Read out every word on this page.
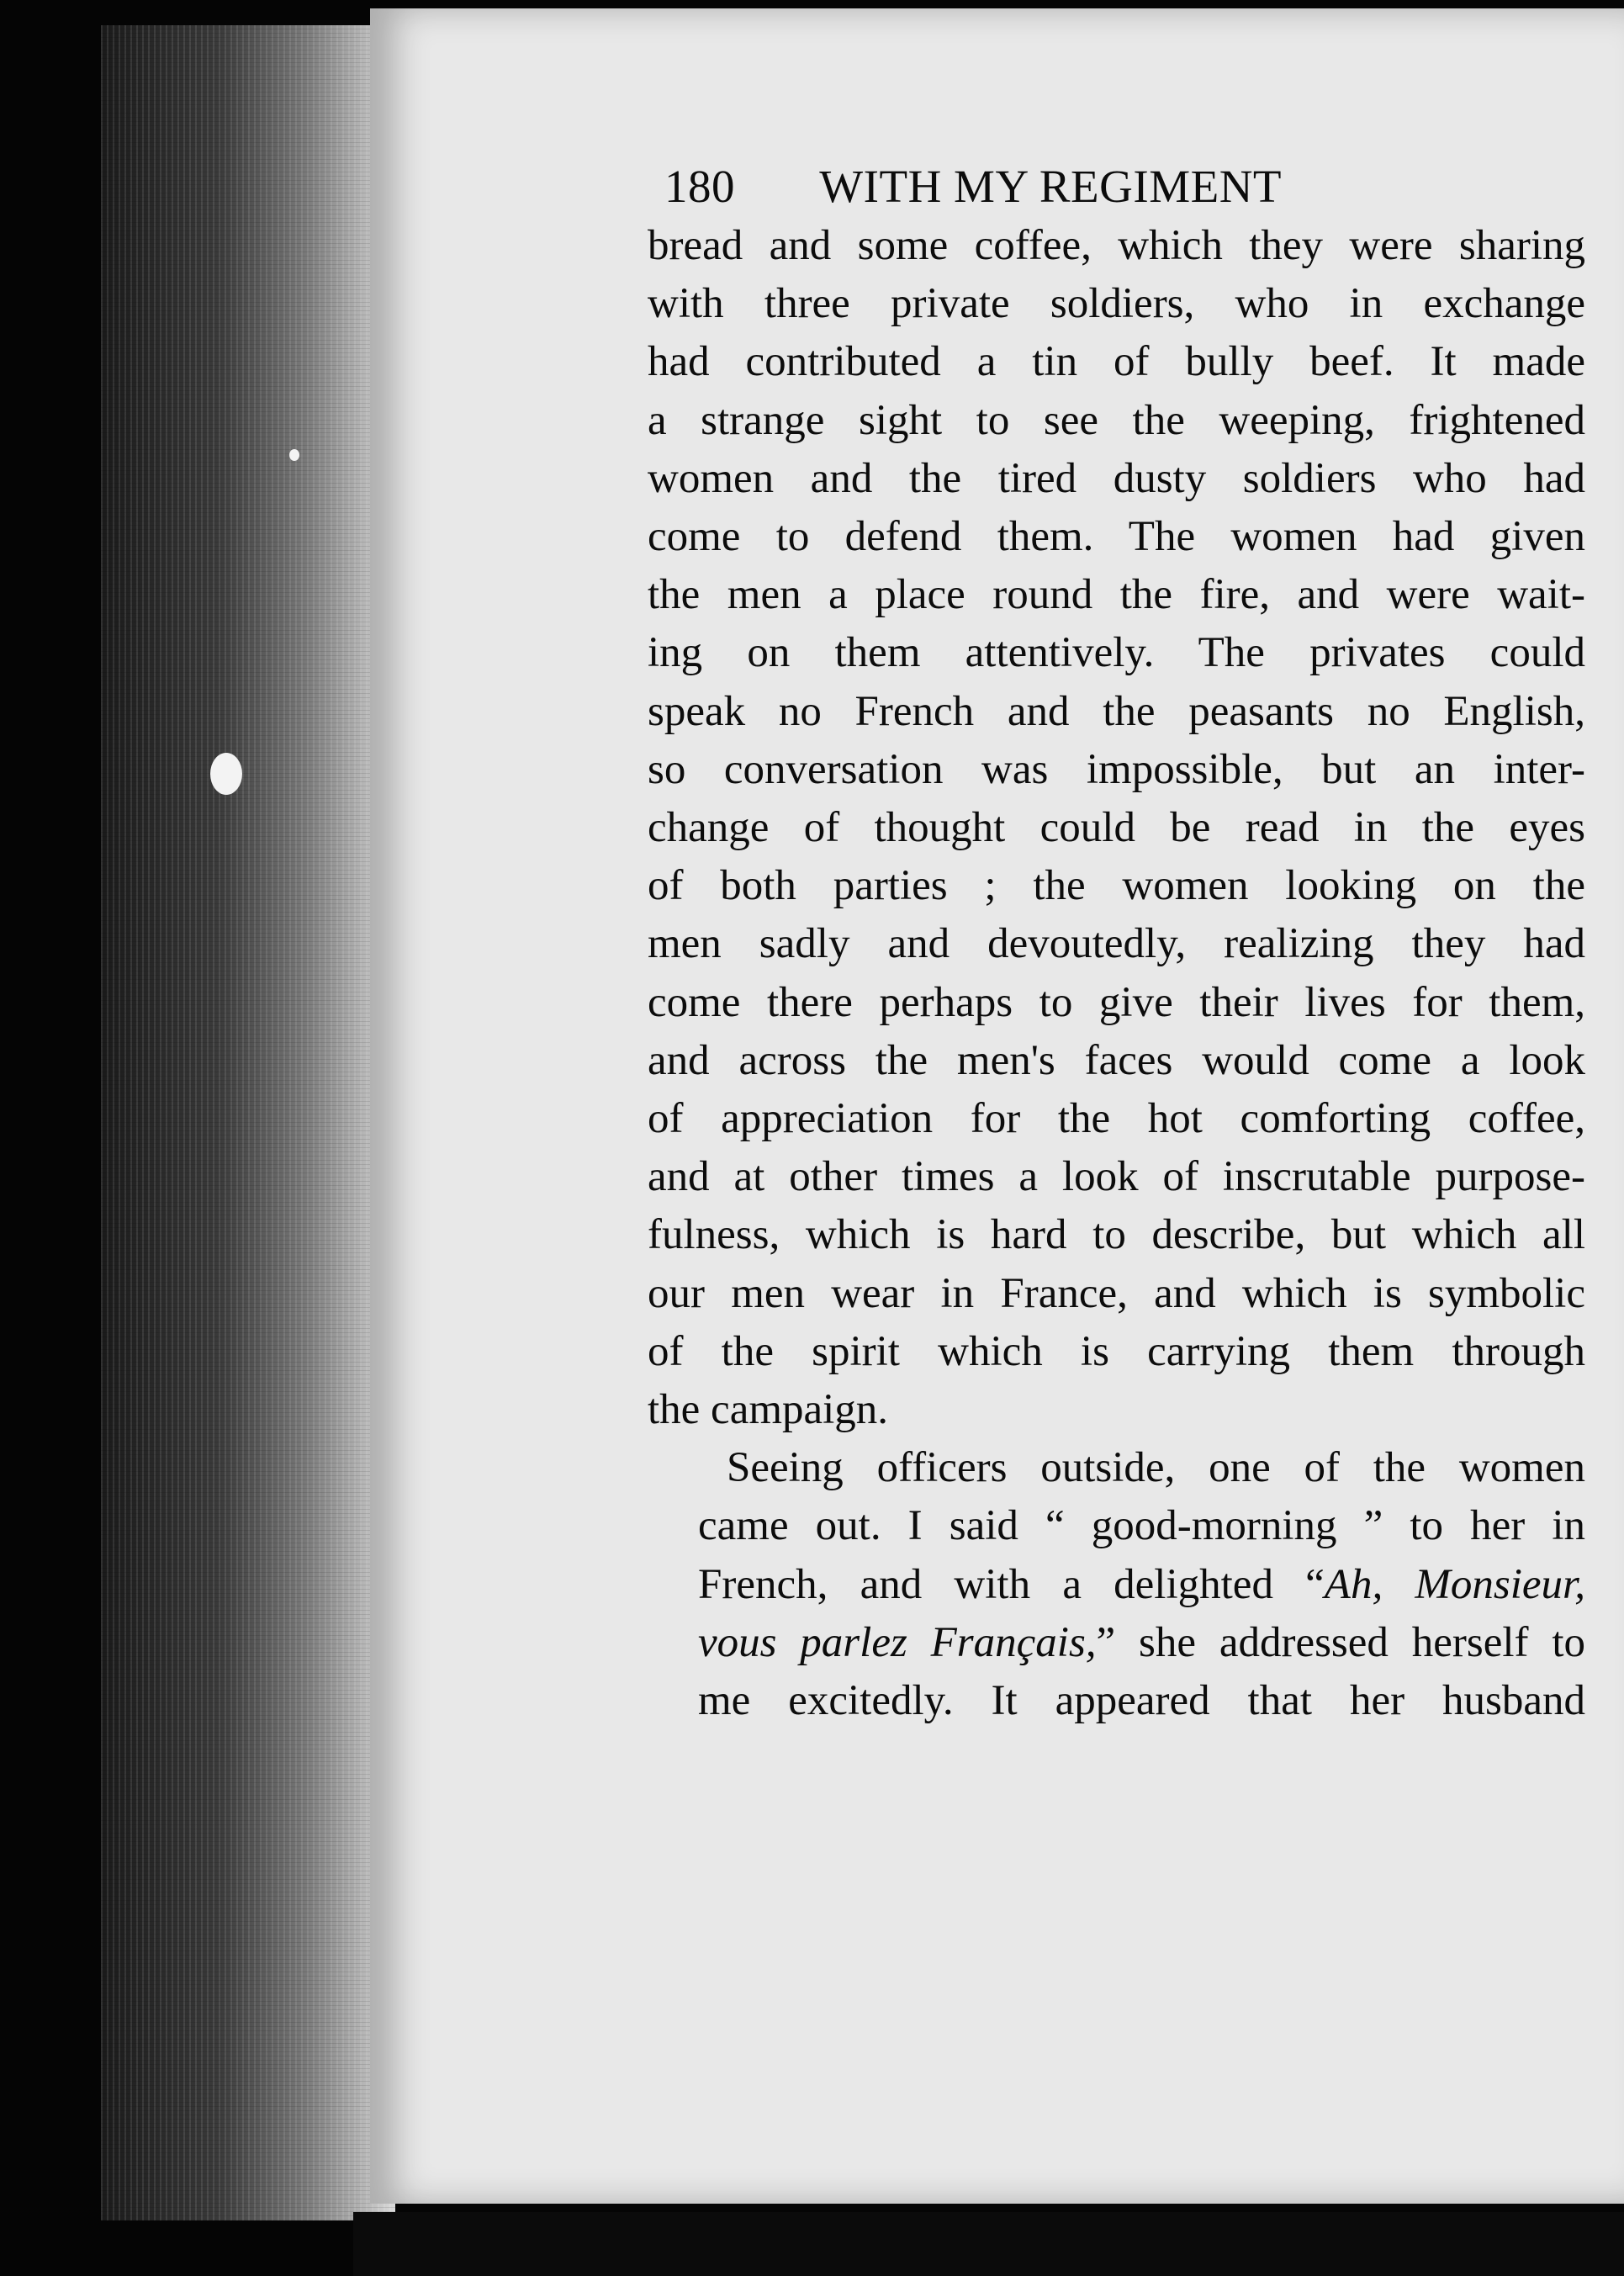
180 WITH MY REGIMENT
bread and some coffee, which they were sharing
with three private soldiers, who in exchange
had contributed a tin of bully beef. It made
a strange sight to see the weeping, frightened
women and the tired dusty soldiers who had
come to defend them. The women had given
the men a place round the fire, and were wait-
ing on them attentively. The privates could
speak no French and the peasants no English,
so conversation was impossible, but an inter-
change of thought could be read in the eyes
of both parties ; the women looking on the
men sadly and devoutedly, realizing they had
come there perhaps to give their lives for them,
and across the men's faces would come a look
of appreciation for the hot comforting coffee,
and at other times a look of inscrutable purpose-
fulness, which is hard to describe, but which all
our men wear in France, and which is symbolic
of the spirit which is carrying them through
the campaign.
Seeing officers outside, one of the women
came out. I said “ good-morning ” to her in
French, and with a delighted “Ah, Monsieur,
vous parlez Français,” she addressed herself to
me excitedly. It appeared that her husband
